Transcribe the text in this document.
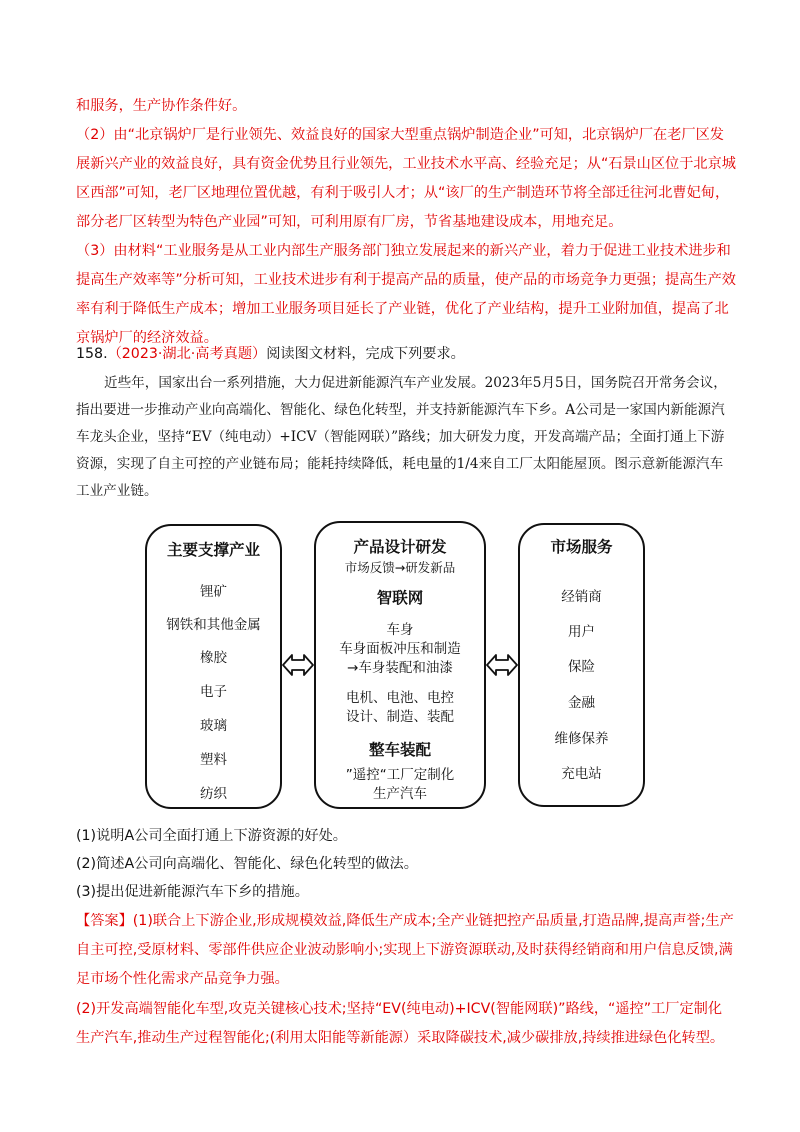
和服务，生产协作条件好。

（2）由“北京锅炉厂是行业领先、效益良好的国家大型重点锅炉制造企业”可知，北京锅炉厂在老厂区发展新兴产业的效益良好，具有资金优势且行业领先，工业技术水平高、经验充足；从“石景山区位于北京城区西部”可知，老厂区地理位置优越，有利于吸引人才；从“该厂的生产制造环节将全部迁往河北曹妃甸，部分老厂区转型为特色产业园”可知，可利用原有厂房，节省基地建设成本，用地充足。

（3）由材料“工业服务是从工业内部生产服务部门独立发展起来的新兴产业，着力于促进工业技术进步和提高生产效率等”分析可知，工业技术进步有利于提高产品的质量，使产品的市场竞争力更强；提高生产效率有利于降低生产成本；增加工业服务项目延长了产业链，优化了产业结构，提升工业附加值，提高了北京锅炉厂的经济效益。

158.（2023·湖北·高考真题）阅读图文材料，完成下列要求。

近些年，国家出台一系列措施，大力促进新能源汽车产业发展。2023年5月5日，国务院召开常务会议，指出要进一步推动产业向高端化、智能化、绿色化转型，并支持新能源汽车下乡。A公司是一家国内新能源汽车龙头企业，坚持“EV（纯电动）+ICV（智能网联）”路线；加大研发力度，开发高端产品；全面打通上下游资源，实现了自主可控的产业链布局；能耗持续降低，耗电量的1/4来自工厂太阳能屋顶。图示意新能源汽车工业产业链。

主要支撑产业
锂矿
钢铁和其他金属
橡胶
电子
玻璃
塑料
纺织
产品设计研发
市场反馈→研发新品
智联网
车身
车身面板冲压和制造
→车身装配和油漆
电机、电池、电控
设计、制造、装配
整车装配
”遥控“工厂定制化
生产汽车
市场服务
经销商
用户
保险
金融
维修保养
充电站

(1)说明A公司全面打通上下游资源的好处。

(2)简述A公司向高端化、智能化、绿色化转型的做法。

(3)提出促进新能源汽车下乡的措施。

【答案】(1)联合上下游企业,形成规模效益,降低生产成本;全产业链把控产品质量,打造品牌,提高声誉;生产自主可控,受原材料、零部件供应企业波动影响小;实现上下游资源联动,及时获得经销商和用户信息反馈,满足市场个性化需求产品竞争力强。

(2)开发高端智能化车型,攻克关键核心技术;坚持“EV(纯电动)+ICV(智能网联)”路线，“遥控”工厂定制化生产汽车,推动生产过程智能化;(利用太阳能等新能源）采取降碳技术,减少碳排放,持续推进绿色化转型。
